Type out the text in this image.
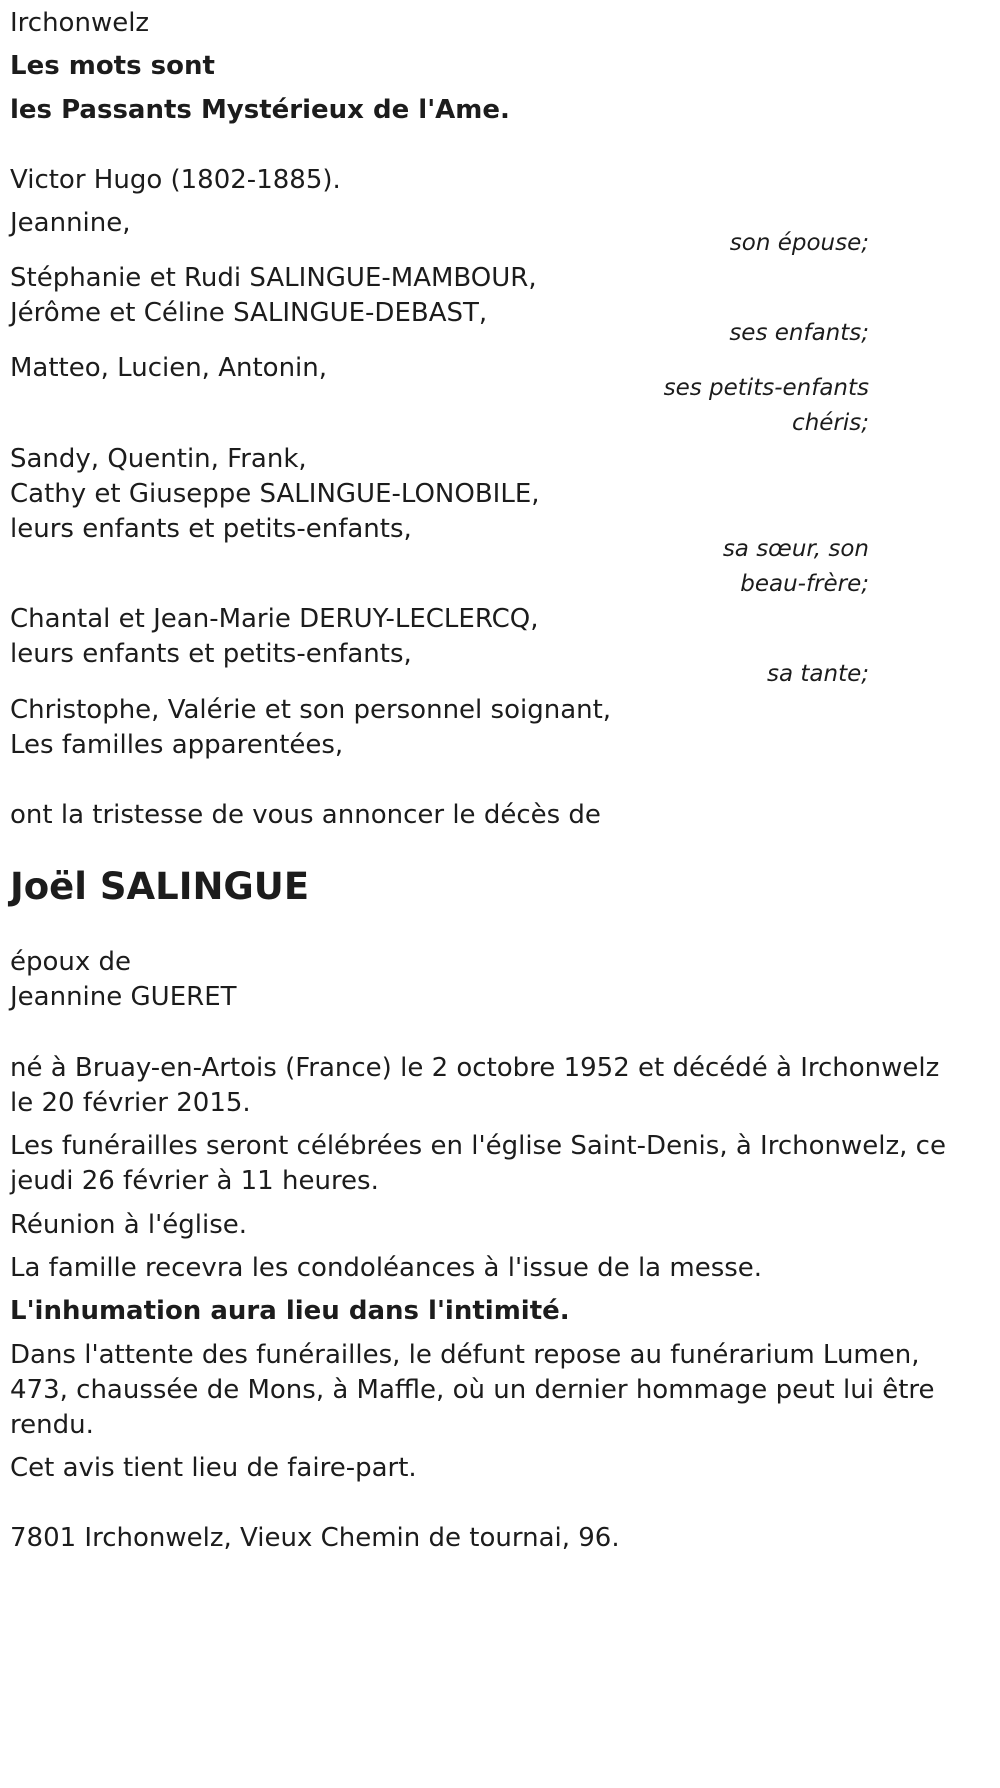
Irchonwelz

Les mots sont

les Passants Mystérieux de l'Ame.

Victor Hugo (1802-1885).

Jeannine,

son épouse;

Stéphanie et Rudi SALINGUE-MAMBOUR,

Jérôme et Céline SALINGUE-DEBAST,

ses enfants;

Matteo, Lucien, Antonin,

ses petits-enfants

chéris;

Sandy, Quentin, Frank,

Cathy et Giuseppe SALINGUE-LONOBILE,

leurs enfants et petits-enfants,

sa sœur, son

beau-frère;

Chantal et Jean-Marie DERUY-LECLERCQ,

leurs enfants et petits-enfants,

sa tante;

Christophe, Valérie et son personnel soignant,

Les familles apparentées,

ont la tristesse de vous annoncer le décès de

Joël SALINGUE

époux de

Jeannine GUERET

né à Bruay-en-Artois (France) le 2 octobre 1952 et décédé à Irchonwelz

le 20 février 2015.

Les funérailles seront célébrées en l'église Saint-Denis, à Irchonwelz, ce

jeudi 26 février à 11 heures.

Réunion à l'église.

La famille recevra les condoléances à l'issue de la messe.

L'inhumation aura lieu dans l'intimité.

Dans l'attente des funérailles, le défunt repose au funérarium Lumen,

473, chaussée de Mons, à Maffle, où un dernier hommage peut lui être

rendu.

Cet avis tient lieu de faire-part.

7801 Irchonwelz, Vieux Chemin de tournai, 96.
